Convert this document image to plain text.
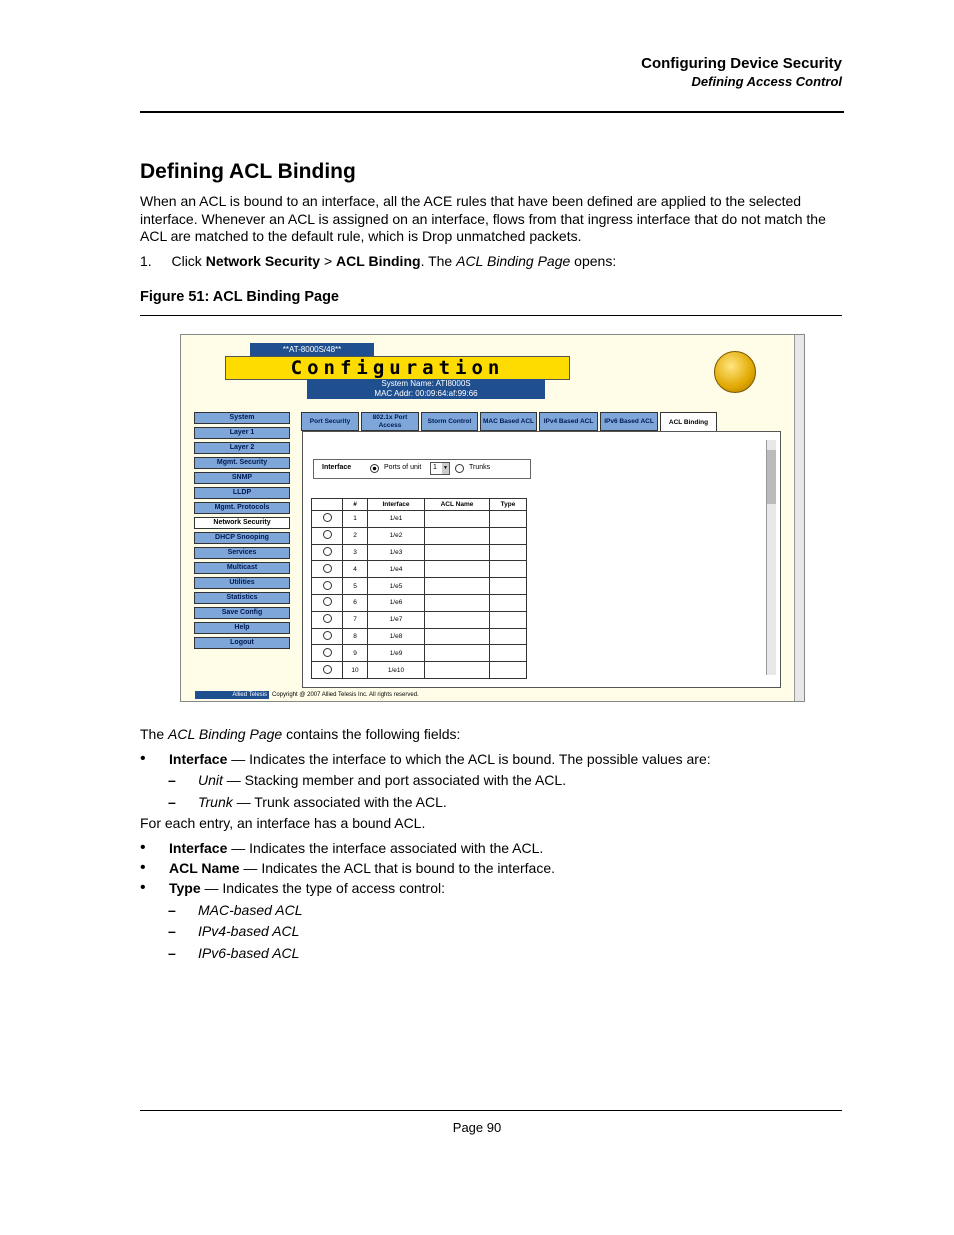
Configuring Device Security
Defining Access Control
Defining ACL Binding
When an ACL is bound to an interface, all the ACE rules that have been defined are applied to the selected interface. Whenever an ACL is assigned on an interface, flows from that ingress interface that do not match the ACL are matched to the default rule, which is Drop unmatched packets.
1. Click Network Security > ACL Binding. The ACL Binding Page opens:
Figure 51: ACL Binding Page
**AT-8000S/48**
Configuration
System Name: ATI8000S
MAC Addr: 00:09:64:af:99:66
System
Layer 1
Layer 2
Mgmt. Security
SNMP
LLDP
Mgmt. Protocols
Network Security
DHCP Snooping
Services
Multicast
Utilities
Statistics
Save Config
Help
Logout
Port Security
802.1x Port Access
Storm Control	MAC Based ACL	IPv4 Based ACL	IPv6 Based ACL	ACL Binding
Interface	Ports of unit 1 ▼	Trunks
	#	Interface	ACL Name	Type
	1	1/e1		
	2	1/e2		
	3	1/e3		
	4	1/e4		
	5	1/e5		
	6	1/e6		
	7	1/e7		
	8	1/e8		
	9	1/e9		
	10	1/e10		
Allied Telesis Copyright @ 2007 Allied Telesis Inc. All rights reserved.
The ACL Binding Page contains the following fields:
• Interface — Indicates the interface to which the ACL is bound. The possible values are:
– Unit — Stacking member and port associated with the ACL.
– Trunk — Trunk associated with the ACL.
For each entry, an interface has a bound ACL.
• Interface — Indicates the interface associated with the ACL.
• ACL Name — Indicates the ACL that is bound to the interface.
• Type — Indicates the type of access control:
– MAC-based ACL
– IPv4-based ACL
– IPv6-based ACL
Page 90
